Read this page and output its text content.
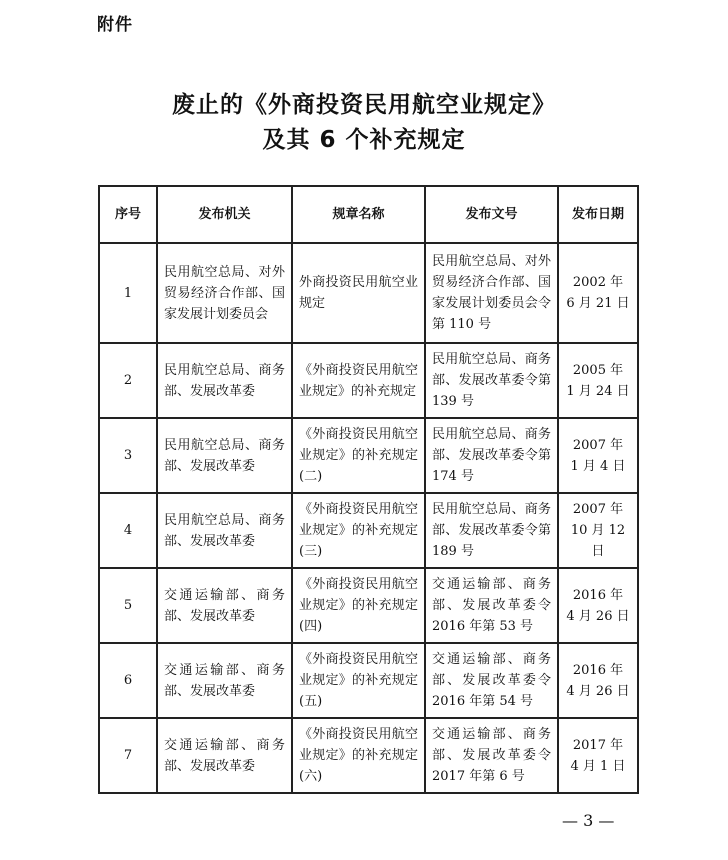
附件
废止的《外商投资民用航空业规定》
及其 6 个补充规定
序号	发布机关	规章名称	发布文号	发布日期
1	民用航空总局、对外贸易经济合作部、国家发展计划委员会	外商投资民用航空业规定	民用航空总局、对外贸易经济合作部、国家发展计划委员会令第 110 号	2002 年
6 月 21 日

2	民用航空总局、商务部、发展改革委	《外商投资民用航空业规定》的补充规定	民用航空总局、商务部、发展改革委令第 139 号	2005 年
1 月 24 日

3	民用航空总局、商务部、发展改革委	《外商投资民用航空业规定》的补充规定(二)	民用航空总局、商务部、发展改革委令第 174 号	2007 年
1 月 4 日

4	民用航空总局、商务部、发展改革委	《外商投资民用航空业规定》的补充规定(三)	民用航空总局、商务部、发展改革委令第 189 号	2007 年
10 月 12 日

5	交通运输部、商务部、发展改革委	《外商投资民用航空业规定》的补充规定(四)	交通运输部、商务部、发展改革委令 2016 年第 53 号	2016 年
4 月 26 日

6	交通运输部、商务部、发展改革委	《外商投资民用航空业规定》的补充规定(五)	交通运输部、商务部、发展改革委令 2016 年第 54 号	2016 年
4 月 26 日

7	交通运输部、商务部、发展改革委	《外商投资民用航空业规定》的补充规定(六)	交通运输部、商务部、发展改革委令 2017 年第 6 号	2017 年
4 月 1 日
— 3 —
